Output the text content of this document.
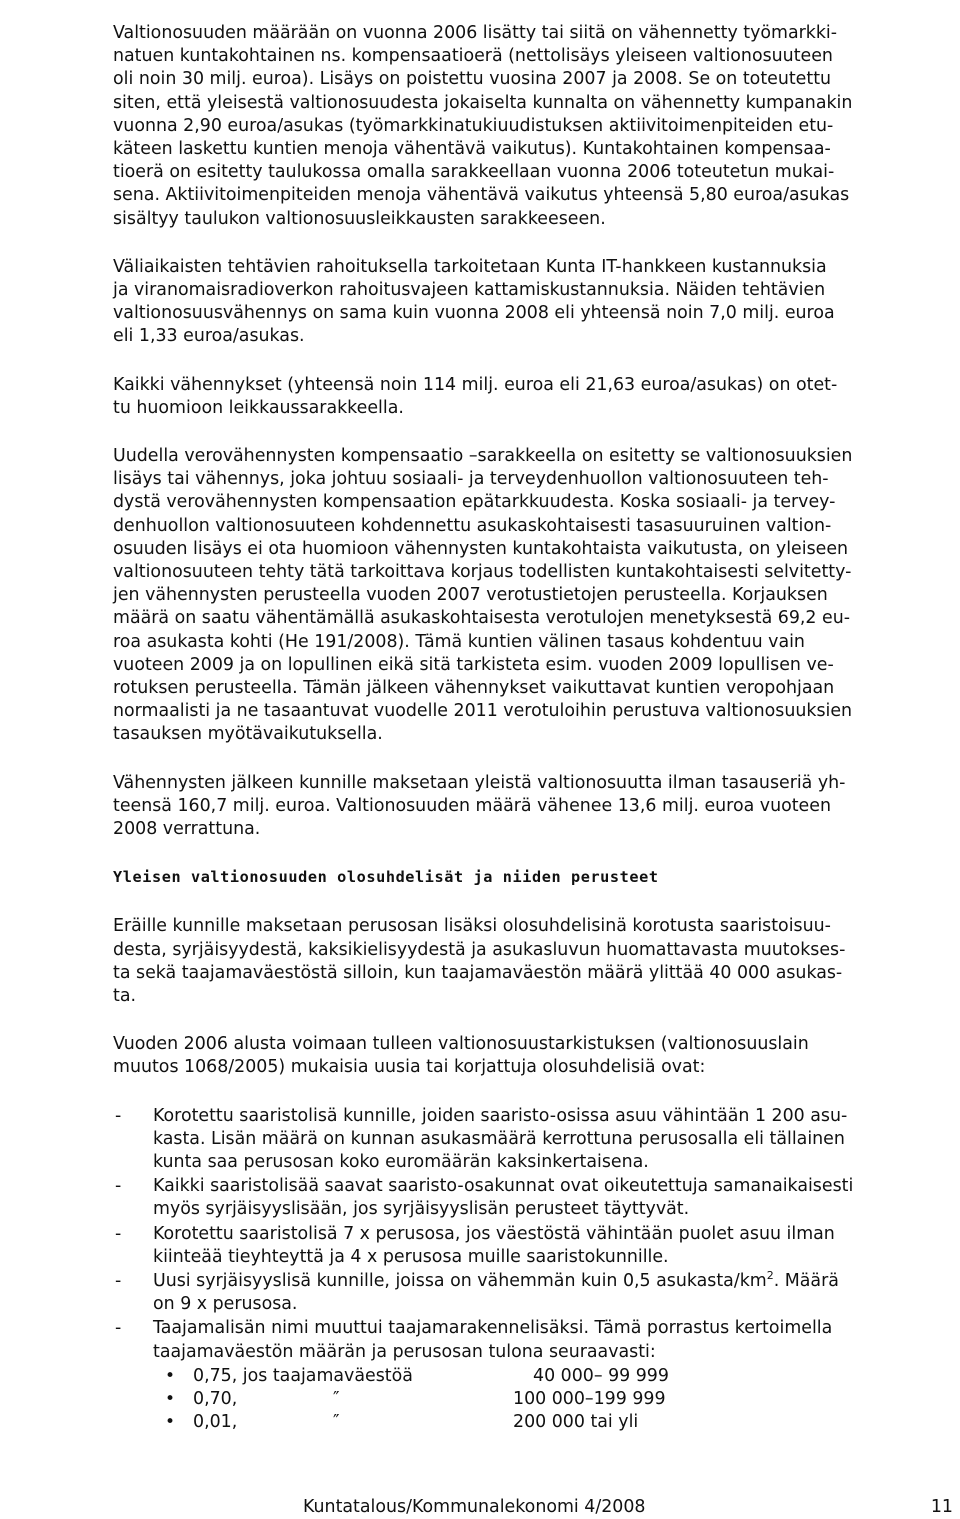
Valtionosuuden määrään on vuonna 2006 lisätty tai siitä on vähennetty työmarkki-
natuen kuntakohtainen ns. kompensaatioerä (nettolisäys yleiseen valtionosuuteen
oli noin 30 milj. euroa). Lisäys on poistettu vuosina 2007 ja 2008. Se on toteutettu
siten, että yleisestä valtionosuudesta jokaiselta kunnalta on vähennetty kumpanakin
vuonna 2,90 euroa/asukas (työmarkkinatukiuudistuksen aktiivitoimenpiteiden etu-
käteen laskettu kuntien menoja vähentävä vaikutus). Kuntakohtainen kompensaa-
tioerä on esitetty taulukossa omalla sarakkeellaan vuonna 2006 toteutetun mukai-
sena. Aktiivitoimenpiteiden menoja vähentävä vaikutus yhteensä 5,80 euroa/asukas
sisältyy taulukon valtionosuusleikkausten sarakkeeseen.
Väliaikaisten tehtävien rahoituksella tarkoitetaan Kunta IT-hankkeen kustannuksia
ja viranomaisradioverkon rahoitusvajeen kattamiskustannuksia. Näiden tehtävien
valtionosuusvähennys on sama kuin vuonna 2008 eli yhteensä noin 7,0 milj. euroa
eli 1,33 euroa/asukas.
Kaikki vähennykset (yhteensä noin 114 milj. euroa eli 21,63 euroa/asukas) on otet-
tu huomioon leikkaussarakkeella.
Uudella verovähennysten kompensaatio –sarakkeella on esitetty se valtionosuuksien
lisäys tai vähennys, joka johtuu sosiaali- ja terveydenhuollon valtionosuuteen teh-
dystä verovähennysten kompensaation epätarkkuudesta. Koska sosiaali- ja tervey-
denhuollon valtionosuuteen kohdennettu asukaskohtaisesti tasasuuruinen valtion-
osuuden lisäys ei ota huomioon vähennysten kuntakohtaista vaikutusta, on yleiseen
valtionosuuteen tehty tätä tarkoittava korjaus todellisten kuntakohtaisesti selvitetty-
jen vähennysten perusteella vuoden 2007 verotustietojen perusteella. Korjauksen
määrä on saatu vähentämällä asukaskohtaisesta verotulojen menetyksestä 69,2 eu-
roa asukasta kohti (He 191/2008). Tämä kuntien välinen tasaus kohdentuu vain
vuoteen 2009 ja on lopullinen eikä sitä tarkisteta esim. vuoden 2009 lopullisen ve-
rotuksen perusteella. Tämän jälkeen vähennykset vaikuttavat kuntien veropohjaan
normaalisti ja ne tasaantuvat vuodelle 2011 verotuloihin perustuva valtionosuuksien
tasauksen myötävaikutuksella.
Vähennysten jälkeen kunnille maksetaan yleistä valtionosuutta ilman tasauseriä yh-
teensä 160,7 milj. euroa. Valtionosuuden määrä vähenee 13,6 milj. euroa vuoteen
2008 verrattuna.
Yleisen valtionosuuden olosuhdelisät ja niiden perusteet
Eräille kunnille maksetaan perusosan lisäksi olosuhdelisinä korotusta saaristoisuu-
desta, syrjäisyydestä, kaksikielisyydestä ja asukasluvun huomattavasta muutokses-
ta sekä taajamaväestöstä silloin, kun taajamaväestön määrä ylittää 40 000 asukas-
ta.
Vuoden 2006 alusta voimaan tulleen valtionosuustarkistuksen (valtionosuuslain
muutos 1068/2005) mukaisia uusia tai korjattuja olosuhdelisiä ovat:
- Korotettu saaristolisä kunnille, joiden saaristo-osissa asuu vähintään 1 200 asu-
kasta. Lisän määrä on kunnan asukasmäärä kerrottuna perusosalla eli tällainen
kunta saa perusosan koko euromäärän kaksinkertaisena.
- Kaikki saaristolisää saavat saaristo-osakunnat ovat oikeutettuja samanaikaisesti
myös syrjäisyyslisään, jos syrjäisyyslisän perusteet täyttyvät.
- Korotettu saaristolisä 7 x perusosa, jos väestöstä vähintään puolet asuu ilman
kiinteää tieyhteyttä ja 4 x perusosa muille saaristokunnille.
- Uusi syrjäisyyslisä kunnille, joissa on vähemmän kuin 0,5 asukasta/$km^2$. Määrä
on 9 x perusosa.
- Taajamalisän nimi muuttui taajamarakennelisäksi. Tämä porrastus kertoimella
taajamaväestön määrän ja perusosan tulona seuraavasti:
• 0,75, jos taajamaväestöä	40 000– 99 999
• 0,70,	″	100 000–199 999
• 0,01,	″	200 000 tai yli
Kuntatalous/Kommunalekonomi 4/2008	11
